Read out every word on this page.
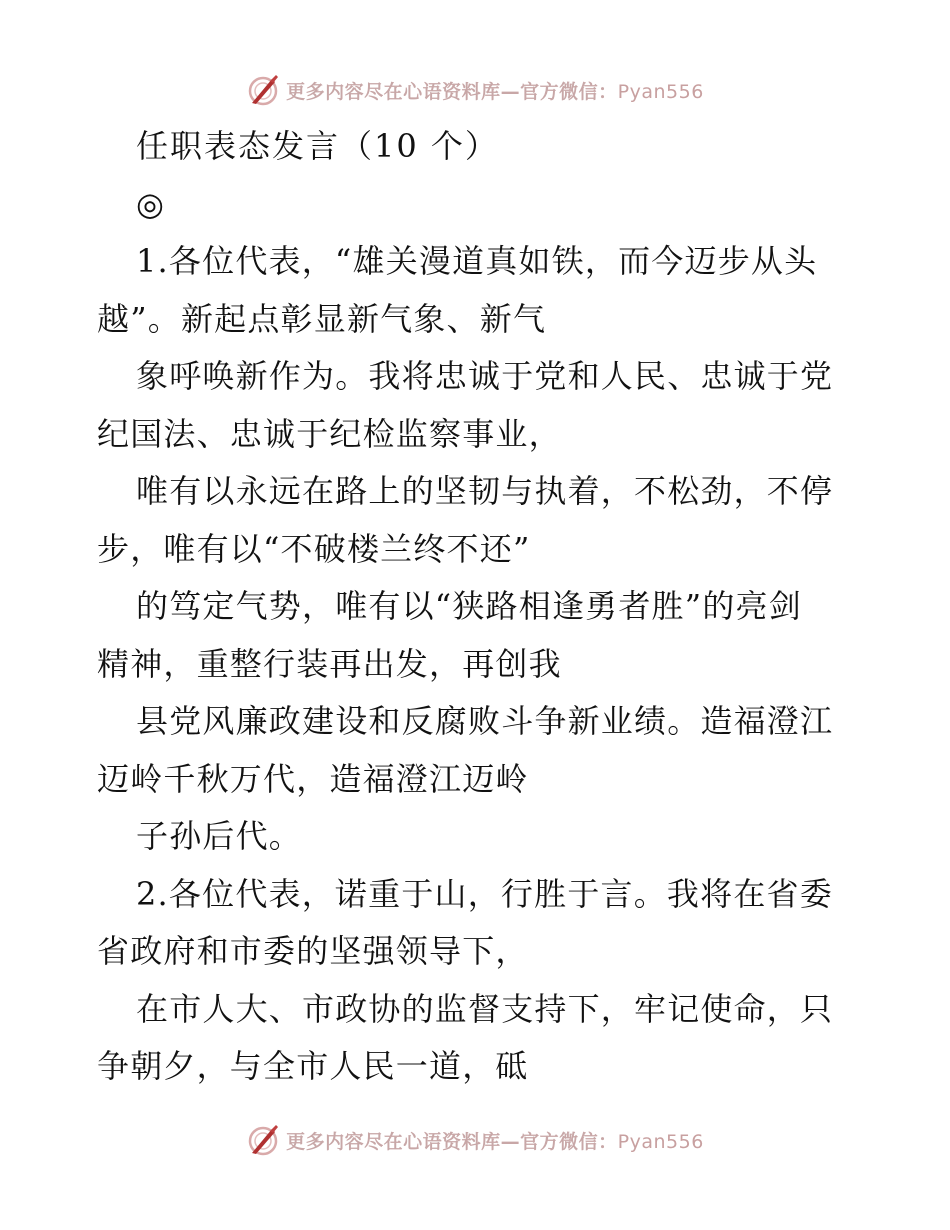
更多内容尽在心语资料库—官方微信：Pyan556
任职表态发言（10 个）
◎
1.各位代表，“雄关漫道真如铁，而今迈步从头
越”。新起点彰显新气象、新气
象呼唤新作为。我将忠诚于党和人民、忠诚于党
纪国法、忠诚于纪检监察事业，
唯有以永远在路上的坚韧与执着，不松劲，不停
步，唯有以“不破楼兰终不还”
的笃定气势，唯有以“狭路相逢勇者胜”的亮剑
精神，重整行装再出发，再创我
县党风廉政建设和反腐败斗争新业绩。造福澄江
迈岭千秋万代，造福澄江迈岭
子孙后代。
2.各位代表，诺重于山，行胜于言。我将在省委
省政府和市委的坚强领导下，
在市人大、市政协的监督支持下，牢记使命，只
争朝夕，与全市人民一道，砥
更多内容尽在心语资料库—官方微信：Pyan556
